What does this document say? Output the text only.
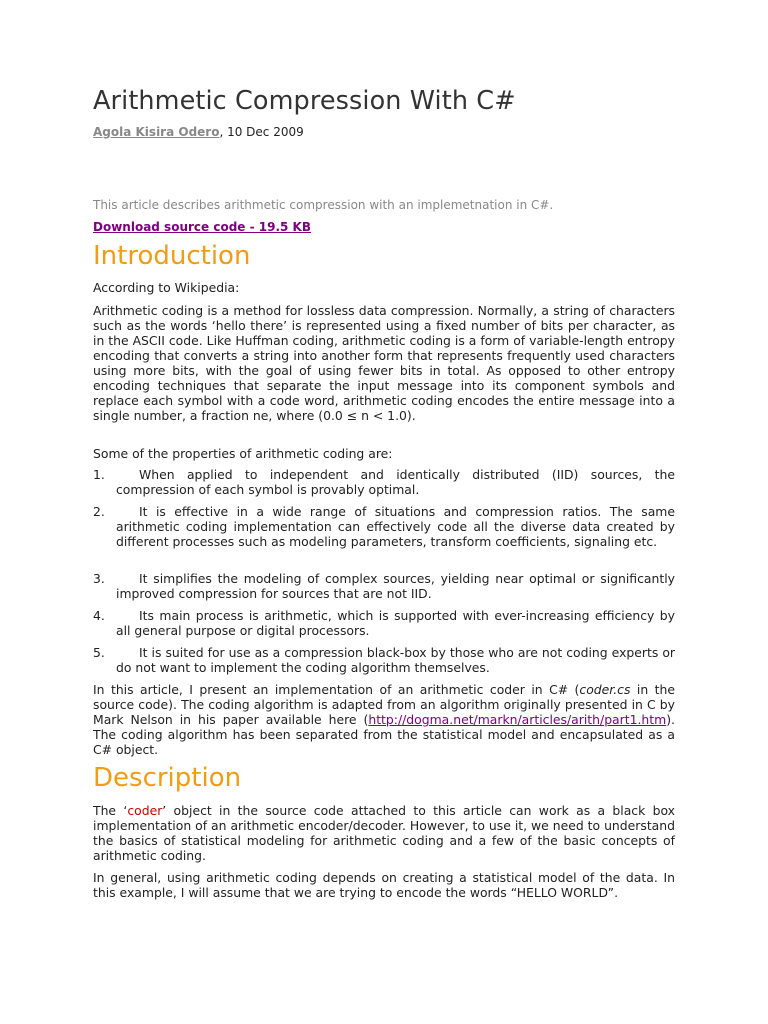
Arithmetic Compression With C#
Agola Kisira Odero, 10 Dec 2009
This article describes arithmetic compression with an implemetnation in C#.
Download source code - 19.5 KB
Introduction

According to Wikipedia:

Arithmetic coding is a method for lossless data compression. Normally, a string of characters such as the words ‘hello there’ is represented using a fixed number of bits per character, as in the ASCII code. Like Huffman coding, arithmetic coding is a form of variable-length entropy encoding that converts a string into another form that represents frequently used characters using more bits, with the goal of using fewer bits in total. As opposed to other entropy encoding techniques that separate the input message into its component symbols and replace each symbol with a code word, arithmetic coding encodes the entire message into a single number, a fraction ne, where (0.0 ≤ n < 1.0).

Some of the properties of arithmetic coding are:

1.	When applied to independent and identically distributed (IID) sources, the compression of each symbol is provably optimal.
2.	It is effective in a wide range of situations and compression ratios. The same arithmetic coding implementation can effectively code all the diverse data created by different processes such as modeling parameters, transform coefficients, signaling etc.
3.	It simplifies the modeling of complex sources, yielding near optimal or significantly improved compression for sources that are not IID.
4.	Its main process is arithmetic, which is supported with ever-increasing efficiency by all general purpose or digital processors.
5.	It is suited for use as a compression black-box by those who are not coding experts or do not want to implement the coding algorithm themselves.

In this article, I present an implementation of an arithmetic coder in C# (coder.cs in the source code). The coding algorithm is adapted from an algorithm originally presented in C by Mark Nelson in his paper available here (http://dogma.net/markn/articles/arith/part1.htm). The coding algorithm has been separated from the statistical model and encapsulated as a C# object.

Description

The ‘coder’ object in the source code attached to this article can work as a black box implementation of an arithmetic encoder/decoder. However, to use it, we need to understand the basics of statistical modeling for arithmetic coding and a few of the basic concepts of arithmetic coding.

In general, using arithmetic coding depends on creating a statistical model of the data. In this example, I will assume that we are trying to encode the words “HELLO WORLD”.
